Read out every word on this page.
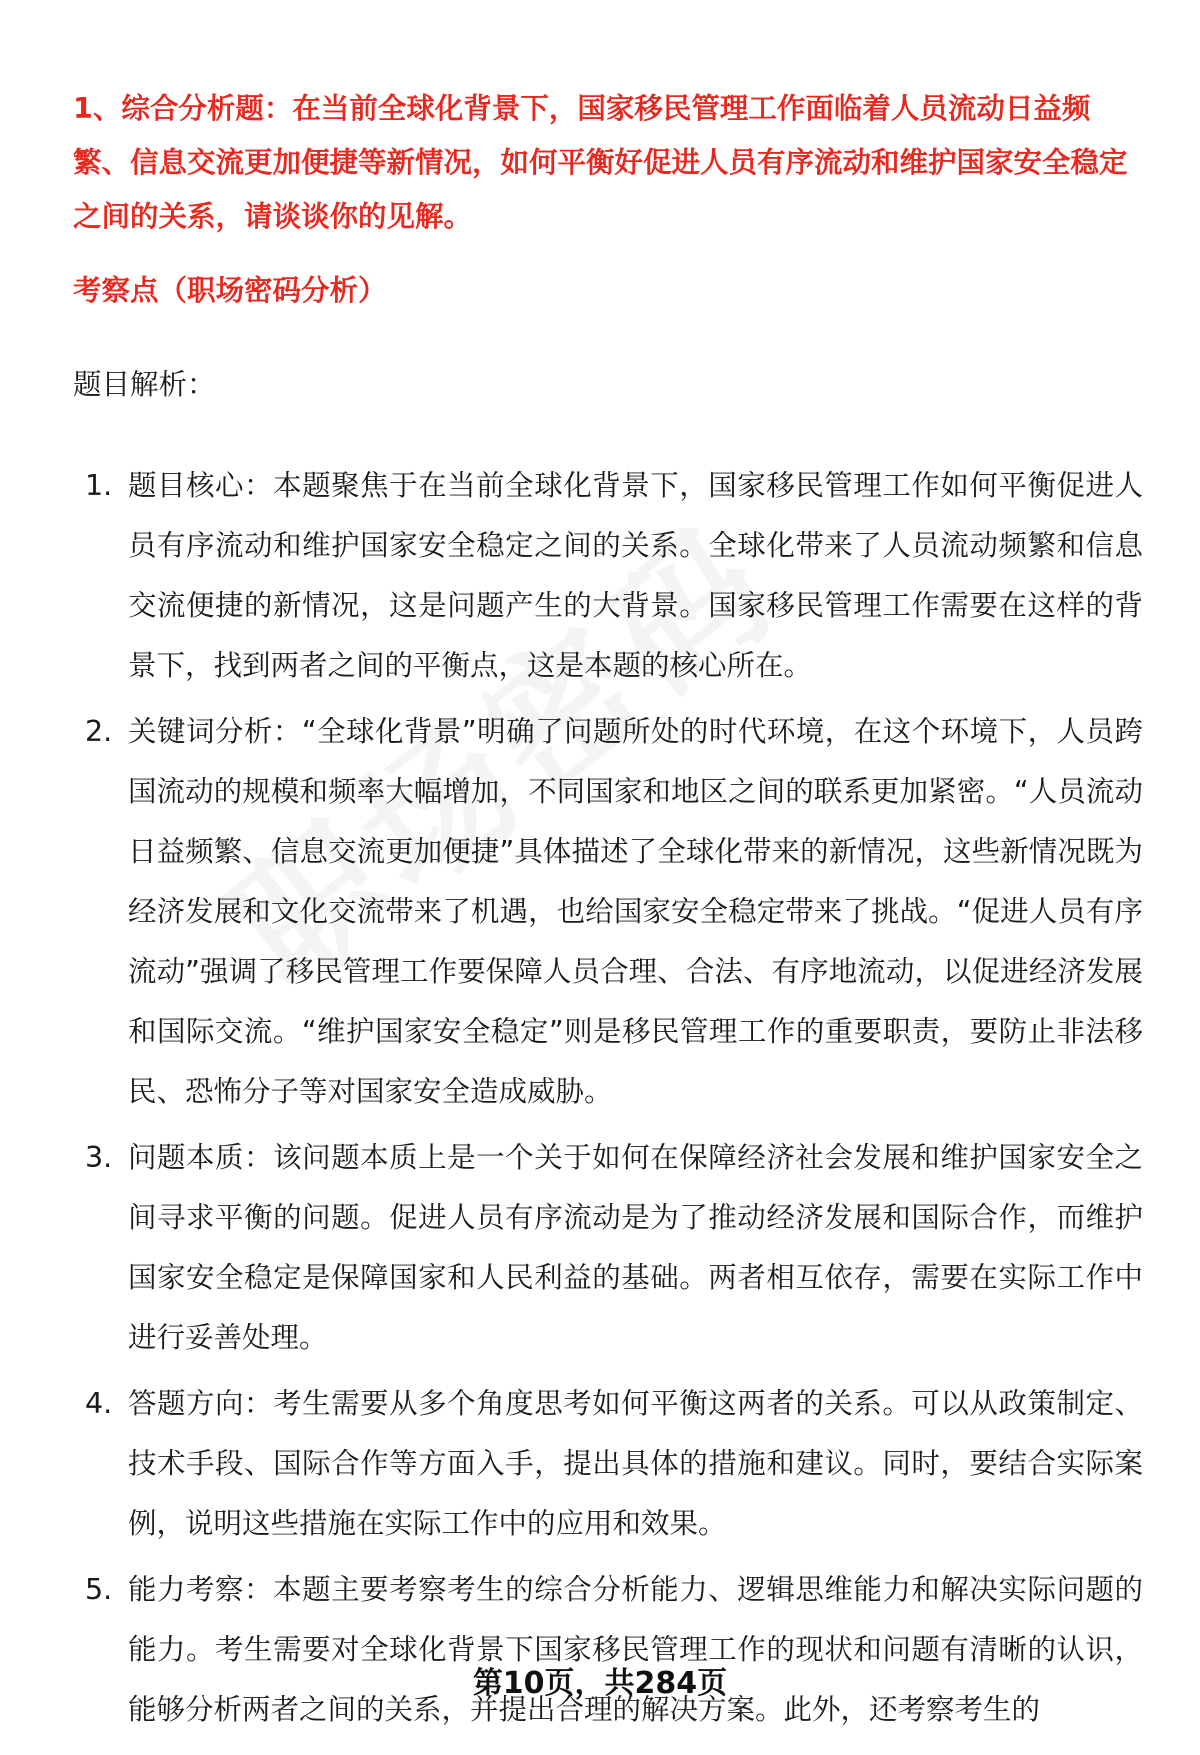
1、综合分析题：在当前全球化背景下，国家移民管理工作面临着人员流动日益频繁、信息交流更加便捷等新情况，如何平衡好促进人员有序流动和维护国家安全稳定之间的关系，请谈谈你的见解。

考察点（职场密码分析）

题目解析：

1. 题目核心：本题聚焦于在当前全球化背景下，国家移民管理工作如何平衡促进人员有序流动和维护国家安全稳定之间的关系。全球化带来了人员流动频繁和信息交流便捷的新情况，这是问题产生的大背景。国家移民管理工作需要在这样的背景下，找到两者之间的平衡点，这是本题的核心所在。
2. 关键词分析：“全球化背景”明确了问题所处的时代环境，在这个环境下，人员跨国流动的规模和频率大幅增加，不同国家和地区之间的联系更加紧密。“人员流动日益频繁、信息交流更加便捷”具体描述了全球化带来的新情况，这些新情况既为经济发展和文化交流带来了机遇，也给国家安全稳定带来了挑战。“促进人员有序流动”强调了移民管理工作要保障人员合理、合法、有序地流动，以促进经济发展和国际交流。“维护国家安全稳定”则是移民管理工作的重要职责，要防止非法移民、恐怖分子等对国家安全造成威胁。
3. 问题本质：该问题本质上是一个关于如何在保障经济社会发展和维护国家安全之间寻求平衡的问题。促进人员有序流动是为了推动经济发展和国际合作，而维护国家安全稳定是保障国家和人民利益的基础。两者相互依存，需要在实际工作中进行妥善处理。
4. 答题方向：考生需要从多个角度思考如何平衡这两者的关系。可以从政策制定、技术手段、国际合作等方面入手，提出具体的措施和建议。同时，要结合实际案例，说明这些措施在实际工作中的应用和效果。
5. 能力考察：本题主要考察考生的综合分析能力、逻辑思维能力和解决实际问题的能力。考生需要对全球化背景下国家移民管理工作的现状和问题有清晰的认识，能够分析两者之间的关系，并提出合理的解决方案。此外，还考察考生的
第10页，共284页
